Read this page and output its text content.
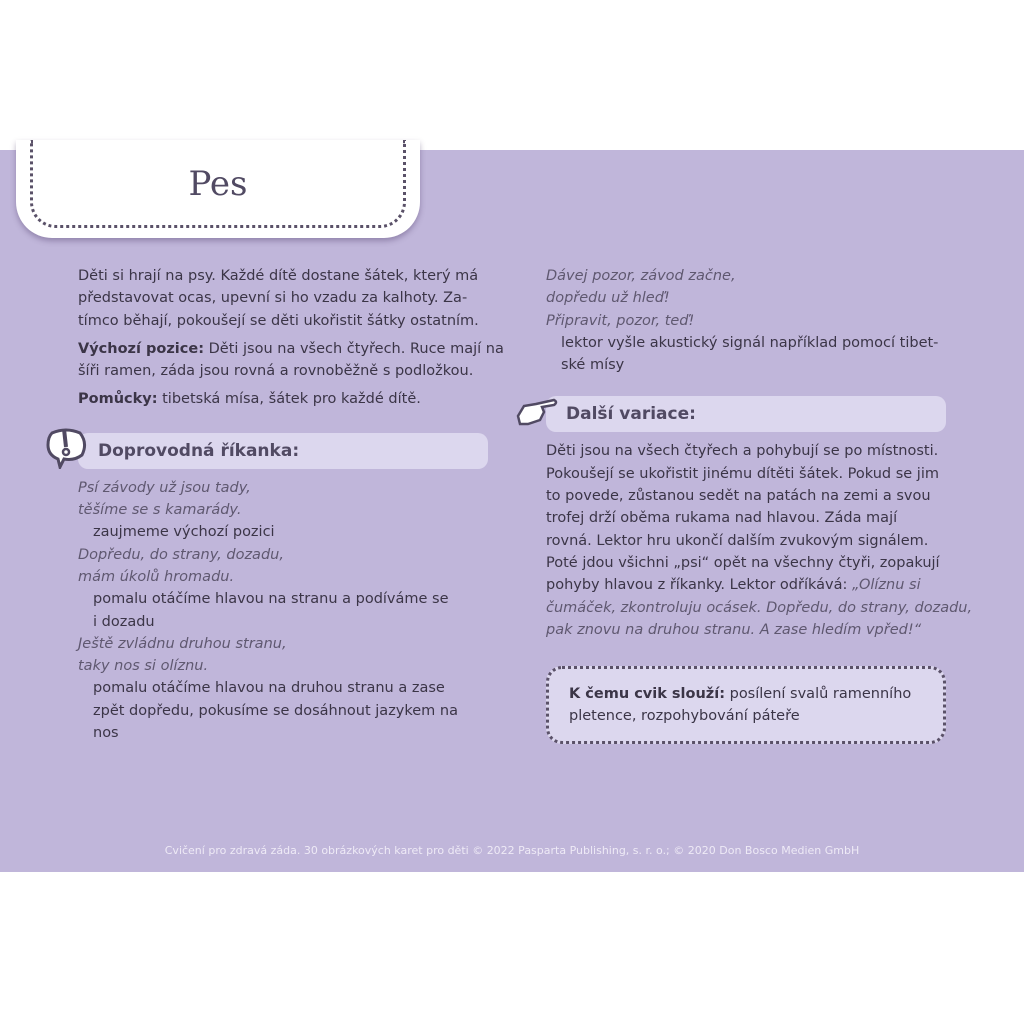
Pes
Děti si hrají na psy. Každé dítě dostane šátek, který má
představovat ocas, upevní si ho vzadu za kalhoty. Za-
tímco běhají, pokoušejí se děti ukořistit šátky ostatním.
Výchozí pozice: Děti jsou na všech čtyřech. Ruce mají na
šíři ramen, záda jsou rovná a rovnoběžně s podložkou.
Pomůcky: tibetská mísa, šátek pro každé dítě.
Doprovodná říkanka:
Psí závody už jsou tady,
těšíme se s kamarády.
zaujmeme výchozí pozici
Dopředu, do strany, dozadu,
mám úkolů hromadu.
pomalu otáčíme hlavou na stranu a podíváme se
i dozadu
Ještě zvládnu druhou stranu,
taky nos si olíznu.
pomalu otáčíme hlavou na druhou stranu a zase
zpět dopředu, pokusíme se dosáhnout jazykem na
nos
Dávej pozor, závod začne,
dopředu už hleď!
Připravit, pozor, teď!
lektor vyšle akustický signál například pomocí tibet-
ské mísy
Další variace:
Děti jsou na všech čtyřech a pohybují se po místnosti.
Pokoušejí se ukořistit jinému dítěti šátek. Pokud se jim
to povede, zůstanou sedět na patách na zemi a svou
trofej drží oběma rukama nad hlavou. Záda mají
rovná. Lektor hru ukončí dalším zvukovým signálem.
Poté jdou všichni „psi“ opět na všechny čtyři, zopakují
pohyby hlavou z říkanky. Lektor odříkává: „Olíznu si
čumáček, zkontroluju ocásek. Dopředu, do strany, dozadu,
pak znovu na druhou stranu. A zase hledím vpřed!“
K čemu cvik slouží: posílení svalů ramenního
pletence, rozpohybování páteře
Cvičení pro zdravá záda. 30 obrázkových karet pro děti © 2022 Pasparta Publishing, s. r. o.; © 2020 Don Bosco Medien GmbH
